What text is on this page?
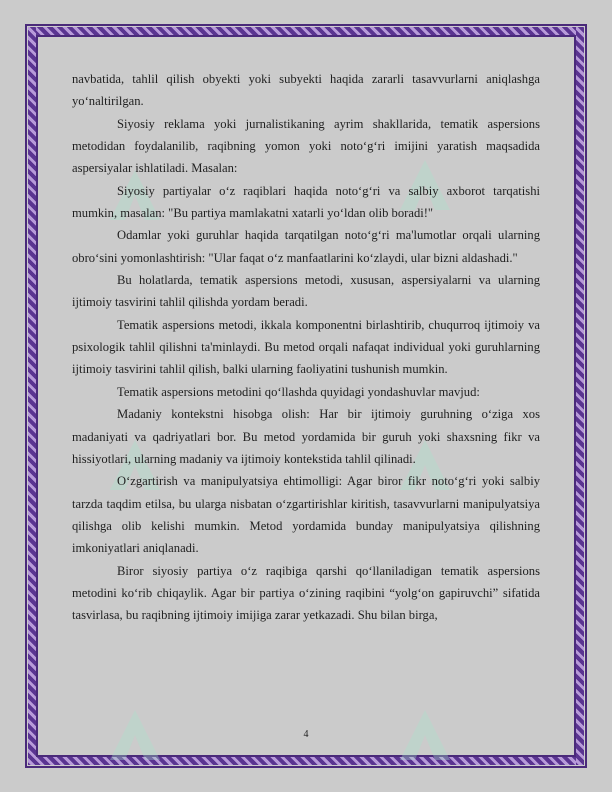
navbatida, tahlil qilish obyekti yoki subyekti haqida zararli tasavvurlarni aniqlashga yo‘naltirilgan.

Siyosiy reklama yoki jurnalistikaning ayrim shakllarida, tematik aspersions metodidan foydalanilib, raqibning yomon yoki noto‘g‘ri imijini yaratish maqsadida aspersiyalar ishlatiladi. Masalan:

Siyosiy partiyalar o‘z raqiblari haqida noto‘g‘ri va salbiy axborot tarqatishi mumkin, masalan: "Bu partiya mamlakatni xatarli yo‘ldan olib boradi!"

Odamlar yoki guruhlar haqida tarqatilgan noto‘g‘ri ma'lumotlar orqali ularning obro‘sini yomonlashtirish: "Ular faqat o‘z manfaatlarini ko‘zlaydi, ular bizni aldashadi."

Bu holatlarda, tematik aspersions metodi, xususan, aspersiyalarni va ularning ijtimoiy tasvirini tahlil qilishda yordam beradi.

Tematik aspersions metodi, ikkala komponentni birlashtirib, chuqurroq ijtimoiy va psixologik tahlil qilishni ta'minlaydi. Bu metod orqali nafaqat individual yoki guruhlarning ijtimoiy tasvirini tahlil qilish, balki ularning faoliyatini tushunish mumkin.

Tematik aspersions metodini qo‘llashda quyidagi yondashuvlar mavjud:

Madaniy kontekstni hisobga olish: Har bir ijtimoiy guruhning o‘ziga xos madaniyati va qadriyatlari bor. Bu metod yordamida bir guruh yoki shaxsning fikr va hissiyotlari, ularning madaniy va ijtimoiy kontekstida tahlil qilinadi.

O‘zgartirish va manipulyatsiya ehtimolligi: Agar biror fikr noto‘g‘ri yoki salbiy tarzda taqdim etilsa, bu ularga nisbatan o‘zgartirishlar kiritish, tasavvurlarni manipulyatsiya qilishga olib kelishi mumkin. Metod yordamida bunday manipulyatsiya qilishning imkoniyatlari aniqlanadi.

Biror siyosiy partiya o‘z raqibiga qarshi qo‘llaniladigan tematik aspersions metodini ko‘rib chiqaylik. Agar bir partiya o‘zining raqibini “yolg‘on gapiruvchi” sifatida tasvirlasa, bu raqibning ijtimoiy imijiga zarar yetkazadi. Shu bilan birga,

4
